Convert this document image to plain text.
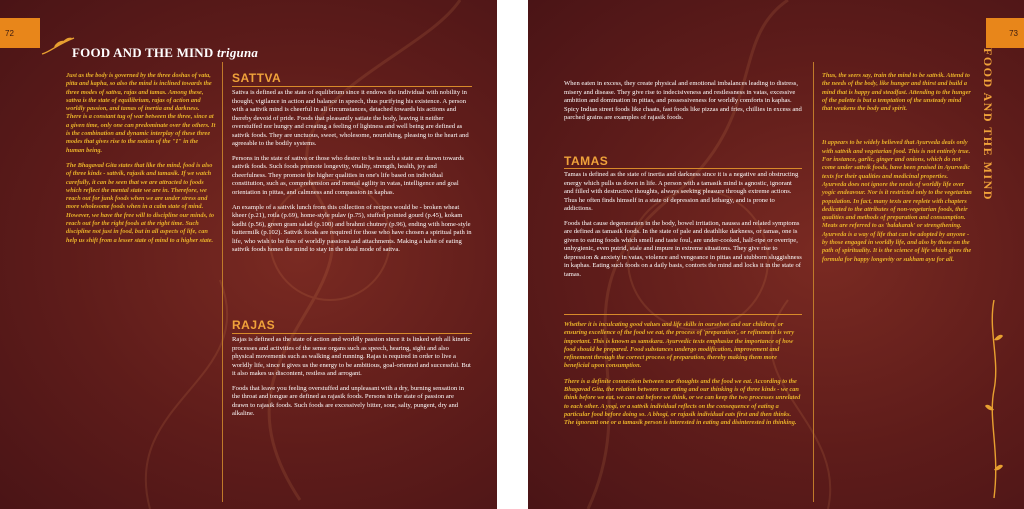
72
FOOD AND THE MIND triguna

Just as the body is governed by the three doshas of vata, pitta and kapha, so also the mind is inclined towards the three modes of sattva, rajas and tamas. Among these, sattva is the state of equilibrium, rajas of action and worldly passion, and tamas of inertia and darkness. There is a constant tug of war between the three, since at a given time, only one can predominate over the others. It is the combination and dynamic interplay of these three modes that gives rise to the notion of the "I" in the human being.

The Bhagavad Gita states that like the mind, food is also of three kinds - sattvik, rajasik and tamasik. If we watch carefully, it can be seen that we are attracted to foods which reflect the mental state we are in. Therefore, we reach out for junk foods when we are under stress and more wholesome foods when in a calm state of mind. However, we have the free will to discipline our minds, to reach out for the right foods at the right time. Such discipline not just in food, but in all aspects of life, can help us shift from a lesser state of mind to a higher state.

SATTVA

Sattva is defined as the state of equlibrium since it endows the individual with nobility in thought, vigilance in action and balance in speech, thus purifying his existence. A person with a sattvik mind is cheerful in all circumstances, detached towards his actions and thereby devoid of pride. Foods that pleasantly satiate the body, leaving it neither overstuffed nor hungry and creating a feeling of lightness and well being are defined as sattvik foods. They are unctuous, sweet, wholesome, nourishing, pleasing to the heart and agreeable to the bodily systems.

Persons in the state of sattva or those who desire to be in such a state are drawn towards sattvik foods. Such foods promote longevity, vitality, strength, health, joy and cheerfulness. They promote the higher qualities in one's life based on individual constitution, such as, comprehension and mental agility in vatas, intelligence and goal orientation in pittas, and calmness and compassion in kaphas.

An example of a sattvik lunch from this collection of recipes would be - broken wheat kheer (p.21), rotla (p.69), home-style pulav (p.75), stuffed pointed gourd (p.45), kokam kadhi (p.56), green gram salad (p.100) and brahmi chutney (p.96), ending with home-style buttermilk (p.102). Sattvik foods are required for those who have chosen a spiritual path in life, who wish to be free of worldly passions and attachments. Making a habit of eating sattvik foods hones the mind to stay in the ideal mode of sattva.

RAJAS

Rajas is defined as the state of action and worldly passion since it is linked with all kinetic processes and activities of the sense organs such as speech, hearing, sight and also physical movements such as walking and running. Rajas is required in order to live a worldly life, since it gives us the energy to be ambitious, goal-oriented and successful. But it also makes us discontent, restless and arrogant.

Foods that leave you feeling overstuffed and unpleasant with a dry, burning sensation in the throat and tongue are defined as rajasik foods. Persons in the state of passion are drawn to rajasik foods. Such foods are excessively bitter, sour, salty, pungent, dry and alkaline.

73

When eaten in excess, they create physical and emotional imbalances leading to distress, misery and disease. They give rise to indecisiveness and restlessness in vatas, excessive ambition and domination in pittas, and possessiveness for worldly comforts in kaphas. Spicy Indian street foods like chaats, fast foods like pizzas and fries, chillies in excess and parched grains are examples of rajasik foods.

TAMAS

Tamas is defined as the state of inertia and darkness since it is a negative and obstructing energy which pulls us down in life. A person with a tamasik mind is agnostic, ignorant and filled with destructive thoughts, always seeking pleasure through extreme actions. Thus he often finds himself in a state of depression and lethargy, and is prone to addictions.

Foods that cause degeneration in the body, bowel irritation, nausea and related symptoms are defined as tamasik foods. In the state of pale and deathlike darkness, or tamas, one is given to eating foods which smell and taste foul, are under-cooked, half-ripe or overripe, unhygienic, even putrid, stale and impure in extreme situations. They give rise to depression & anxiety in vatas, violence and vengeance in pittas and stubborn sluggishness in kaphas. Eating such foods on a daily basis, contorts the mind and locks it in the state of tamas.

Whether it is inculcating good values and life skills in ourselves and our children, or ensuring excellence of the food we eat, the process of 'preparation', or refinement is very important. This is known as samskara. Ayurvedic texts emphasize the importance of how food should be prepared. Food substances undergo modification, improvement and refinement through the correct process of preparation, thereby making them more beneficial upon consumption.

There is a definite connection between our thoughts and the food we eat. According to the Bhagavad Gita, the relation between our eating and our thinking is of three kinds - we can think before we eat, we can eat before we think, or we can keep the two processes unrelated to each other. A yogi, or a sattvik individual reflects on the consequence of eating a particular food before doing so. A bhogi, or rajasik individual eats first and then thinks. The ignorant one or a tamasik person is interested in eating and disinterested in thinking.

Thus, the seers say, train the mind to be sattvik. Attend to the needs of the body, like hunger and thirst and build a mind that is happy and steadfast. Attending to the hunger of the palette is but a temptation of the unsteady mind that weakens the body and spirit.

It appears to be widely believed that Ayurveda deals only with sattvik and vegetarian food. This is not entirely true. For instance, garlic, ginger and onions, which do not come under sattvik foods, have been praised in Ayurvedic texts for their qualities and medicinal properties. Ayurveda does not ignore the needs of worldly life over yogic endeavour. Nor is it restricted only to the vegetarian population. In fact, many texts are replete with chapters dedicated to the attributes of non-vegetarian foods, their qualities and methods of preparation and consumption. Meats are referred to as 'balakarak' or strengthening. Ayurveda is a way of life that can be adopted by anyone - by those engaged in worldly life, and also by those on the path of spirituality. It is the science of life which gives the formula for happy longevity or sukham ayu for all.

FOOD AND THE MIND
